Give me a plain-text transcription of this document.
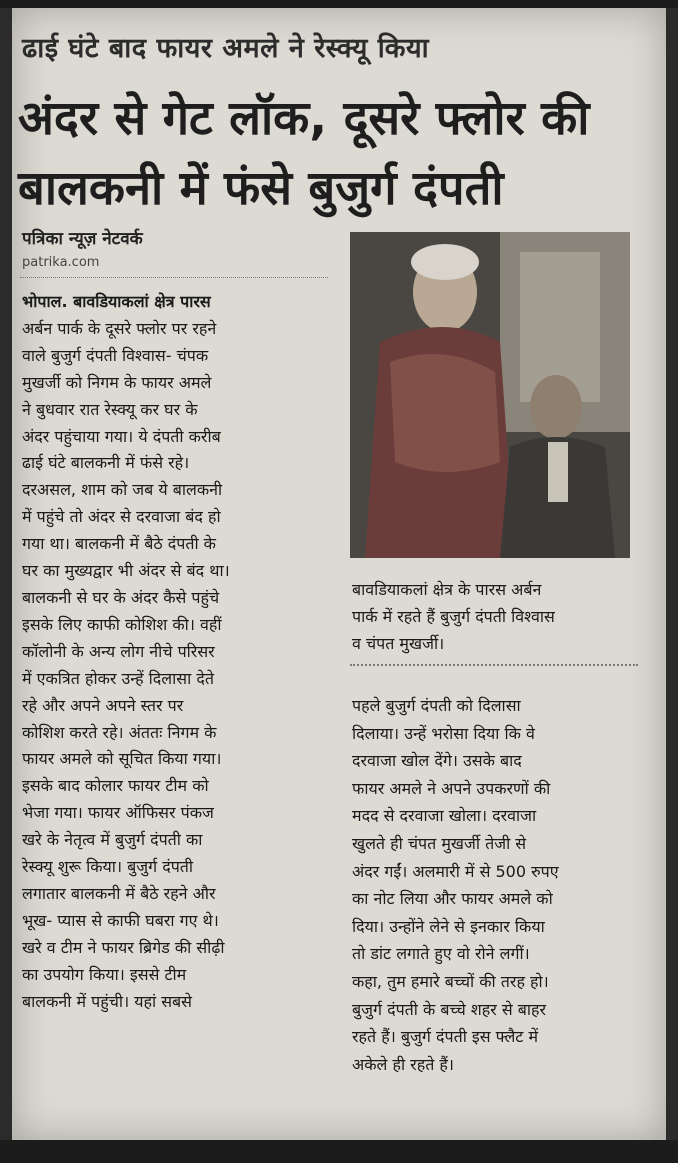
ढाई घंटे बाद फायर अमले ने रेस्क्यू किया
अंदर से गेट लॉक, दूसरे फ्लोर की
बालकनी में फंसे बुजुर्ग दंपती
पत्रिका न्यूज़ नेटवर्क
patrika.com
भोपाल. बावडियाकलां क्षेत्र पारस
अर्बन पार्क के दूसरे फ्लोर पर रहने
वाले बुजुर्ग दंपती विश्वास- चंपक
मुखर्जी को निगम के फायर अमले
ने बुधवार रात रेस्क्यू कर घर के
अंदर पहुंचाया गया। ये दंपती करीब
ढाई घंटे बालकनी में फंसे रहे।
दरअसल, शाम को जब ये बालकनी
में पहुंचे तो अंदर से दरवाजा बंद हो
गया था। बालकनी में बैठे दंपती के
घर का मुख्यद्वार भी अंदर से बंद था।
बालकनी से घर के अंदर कैसे पहुंचे
इसके लिए काफी कोशिश की। वहीं
कॉलोनी के अन्य लोग नीचे परिसर
में एकत्रित होकर उन्हें दिलासा देते
रहे और अपने अपने स्तर पर
कोशिश करते रहे। अंततः निगम के
फायर अमले को सूचित किया गया।
इसके बाद कोलार फायर टीम को
भेजा गया। फायर ऑफिसर पंकज
खरे के नेतृत्व में बुजुर्ग दंपती का
रेस्क्यू शुरू किया। बुजुर्ग दंपती
लगातार बालकनी में बैठे रहने और
भूख- प्यास से काफी घबरा गए थे।
खरे व टीम ने फायर ब्रिगेड की सीढ़ी
का उपयोग किया। इससे टीम
बालकनी में पहुंची। यहां सबसे
बावडियाकलां क्षेत्र के पारस अर्बन
पार्क में रहते हैं बुजुर्ग दंपती विश्वास
व चंपत मुखर्जी।
पहले बुजुर्ग दंपती को दिलासा
दिलाया। उन्हें भरोसा दिया कि वे
दरवाजा खोल देंगे। उसके बाद
फायर अमले ने अपने उपकरणों की
मदद से दरवाजा खोला। दरवाजा
खुलते ही चंपत मुखर्जी तेजी से
अंदर गईं। अलमारी में से 500 रुपए
का नोट लिया और फायर अमले को
दिया। उन्होंने लेने से इनकार किया
तो डांट लगाते हुए वो रोने लगीं।
कहा, तुम हमारे बच्चों की तरह हो।
बुजुर्ग दंपती के बच्चे शहर से बाहर
रहते हैं। बुजुर्ग दंपती इस फ्लैट में
अकेले ही रहते हैं।
